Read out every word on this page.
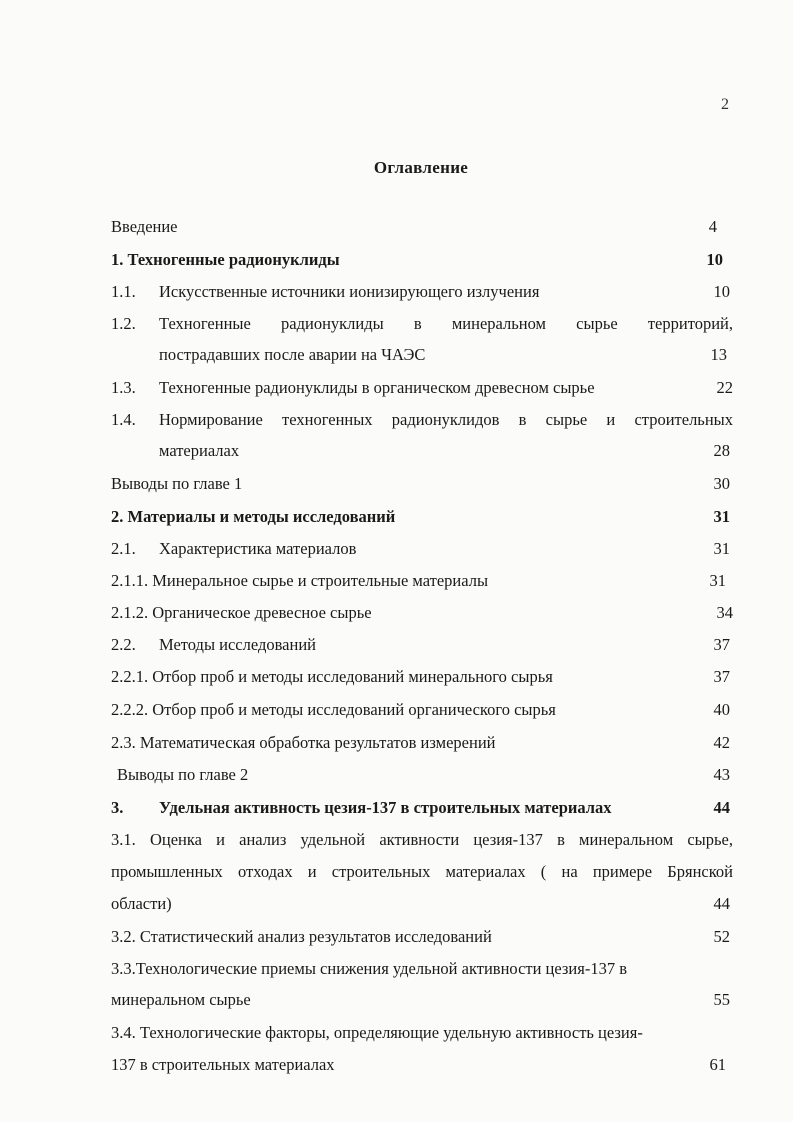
2
Оглавление
Введение	4
1. Техногенные радионуклиды	10
1.1. Искусственные источники ионизирующего излучения	10
1.2. Техногенные радионуклиды в минеральном сырье территорий,
пострадавших после аварии на ЧАЭС	13
1.3. Техногенные радионуклиды в органическом древесном сырье	22
1.4. Нормирование техногенных радионуклидов в сырье и строительных
материалах	28
Выводы по главе 1	30
2. Материалы и методы исследований	31
2.1. Характеристика материалов	31
2.1.1. Минеральное сырье и строительные материалы	31
2.1.2. Органическое древесное сырье	34
2.2. Методы исследований	37
2.2.1. Отбор проб и методы исследований минерального сырья	37
2.2.2. Отбор проб и методы исследований органического сырья	40
2.3. Математическая обработка результатов измерений	42
Выводы по главе 2	43
3. Удельная активность цезия-137 в строительных материалах	44
3.1. Оценка и анализ удельной активности цезия-137 в минеральном сырье,
промышленных отходах и строительных материалах ( на примере Брянской
области)	44
3.2. Статистический анализ результатов исследований	52
3.3.Технологические приемы снижения удельной активности цезия-137 в
минеральном сырье	55
3.4. Технологические факторы, определяющие удельную активность цезия-
137 в строительных материалах	61
